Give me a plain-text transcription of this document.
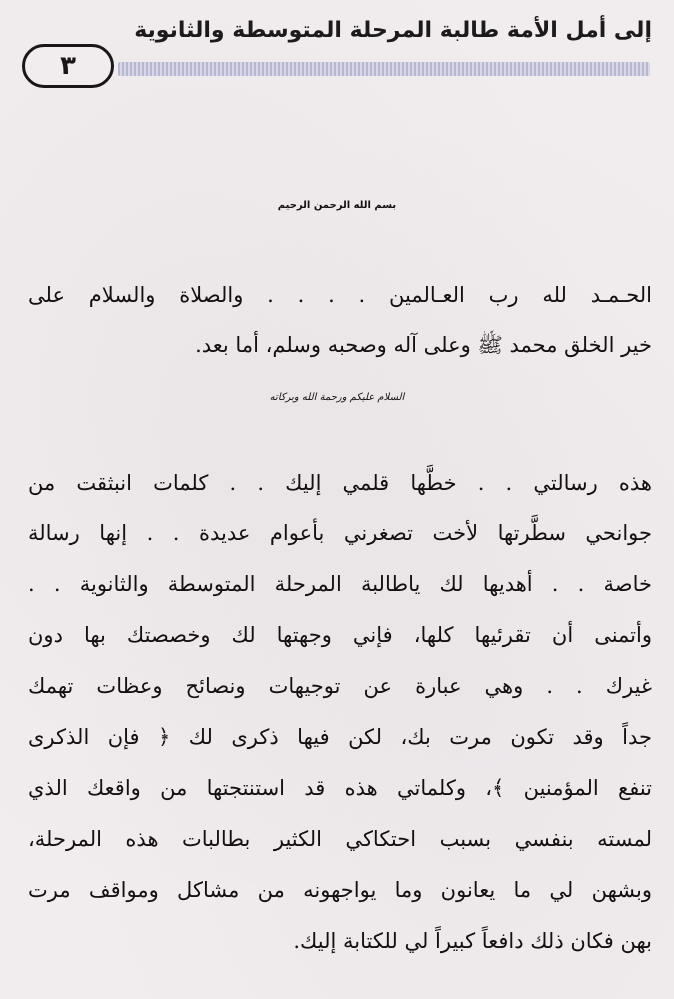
إلى أمل الأمة طالبة المرحلة المتوسطة والثانوية
٣
بسم الله الرحمن الرحيم
الحـمـد لله رب العـالمين . . . . والصلاة والسلام على
خير الخلق محمد ﷺ وعلى آله وصحبه وسلم، أما بعد.
السلام عليكم ورحمة الله وبركاته
هذه رسالتي . . خطَّها قلمي إليك . . كلمات انبثقت من
جوانحي سطَّرتها لأخت تصغرني بأعوام عديدة . . إنها رسالة
خاصة . . أهديها لك ياطالبة المرحلة المتوسطة والثانوية . .
وأتمنى أن تقرئيها كلها، فإني وجهتها لك وخصصتك بها دون
غيرك . . وهي عبارة عن توجيهات ونصائح وعظات تهمك
جداً وقد تكون مرت بك، لكن فيها ذكرى لك ﴿ فإن الذكرى
تنفع المؤمنين ﴾، وكلماتي هذه قد استنتجتها من واقعك الذي
لمسته بنفسي بسبب احتكاكي الكثير بطالبات هذه المرحلة،
وبشهن لي ما يعانون وما يواجهونه من مشاكل ومواقف مرت
بهن فكان ذلك دافعاً كبيراً لي للكتابة إليك.
